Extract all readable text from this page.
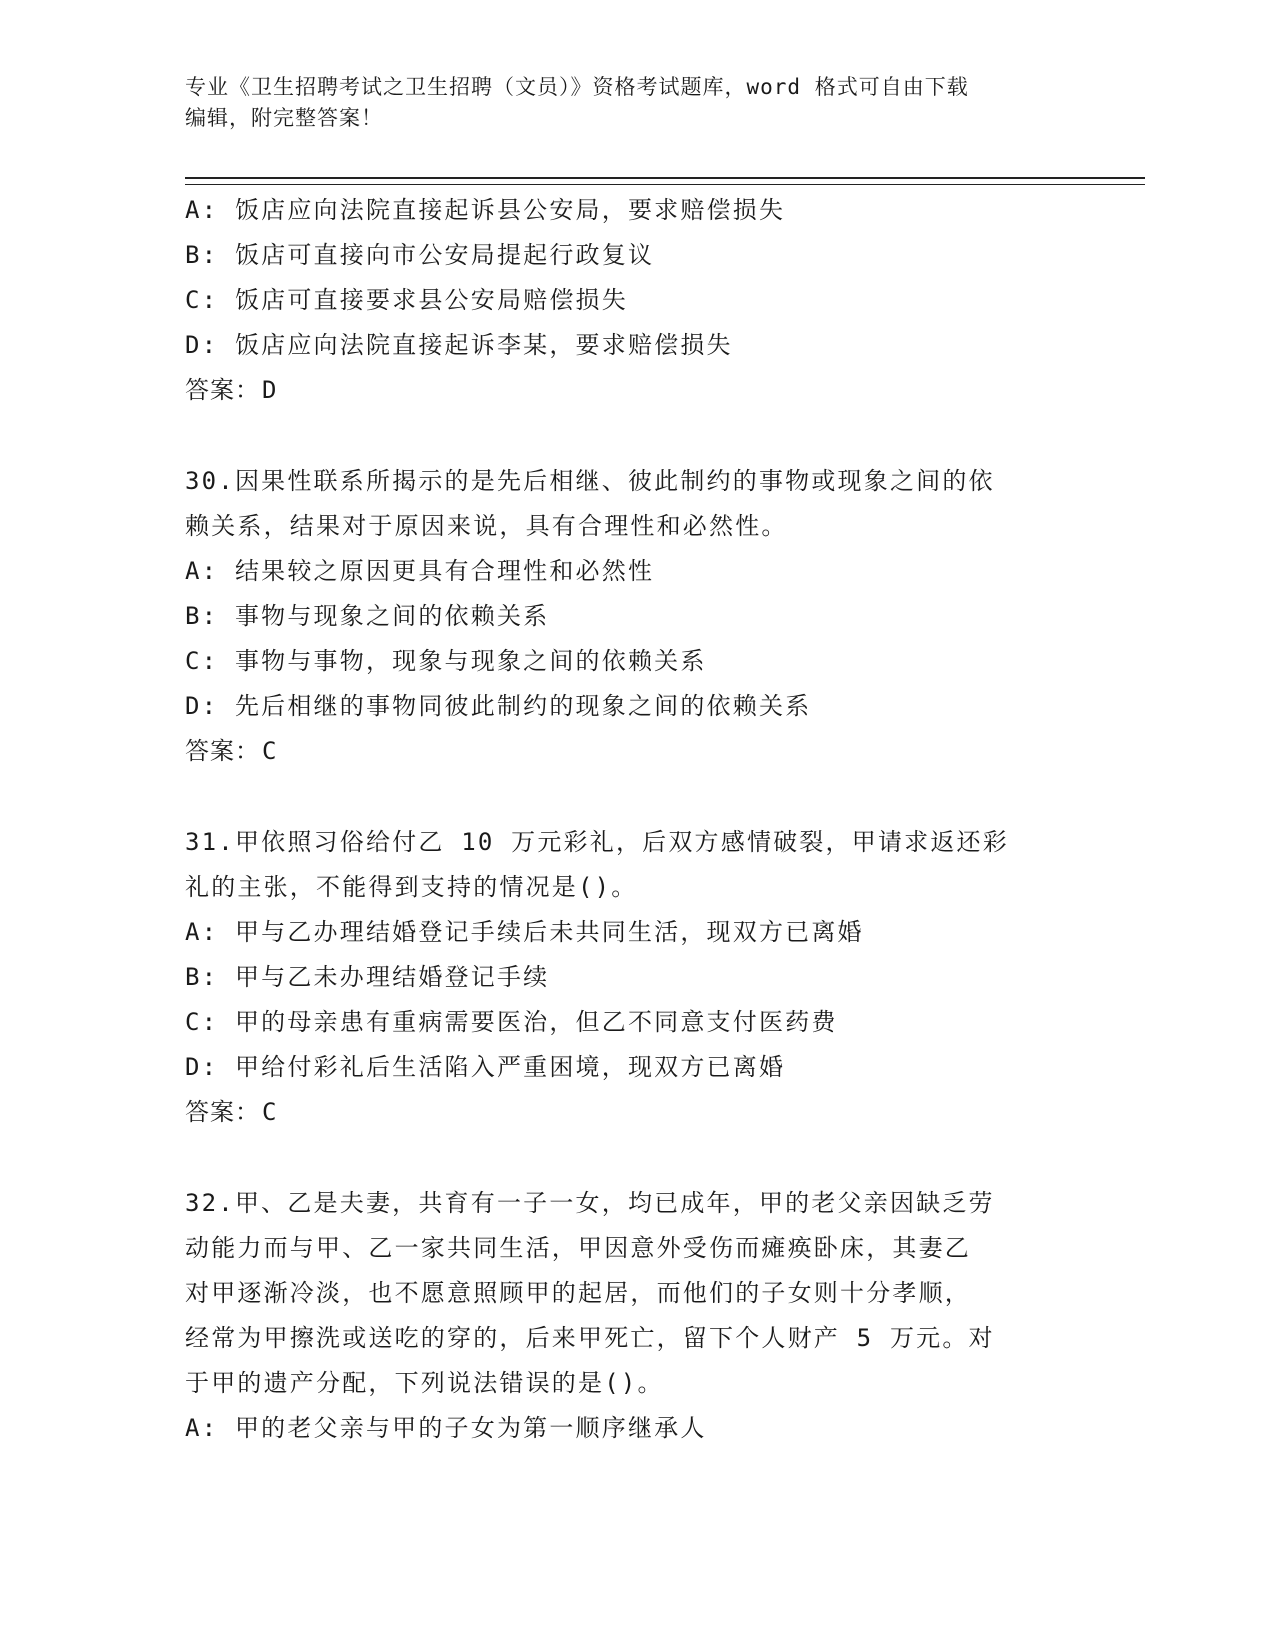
专业《卫生招聘考试之卫生招聘（文员）》资格考试题库，word 格式可自由下载
编辑，附完整答案！
A: 饭店应向法院直接起诉县公安局，要求赔偿损失
B: 饭店可直接向市公安局提起行政复议
C: 饭店可直接要求县公安局赔偿损失
D: 饭店应向法院直接起诉李某，要求赔偿损失
答案：D
30.因果性联系所揭示的是先后相继、彼此制约的事物或现象之间的依
赖关系，结果对于原因来说，具有合理性和必然性。
A: 结果较之原因更具有合理性和必然性
B: 事物与现象之间的依赖关系
C: 事物与事物，现象与现象之间的依赖关系
D: 先后相继的事物同彼此制约的现象之间的依赖关系
答案：C
31.甲依照习俗给付乙 10 万元彩礼，后双方感情破裂，甲请求返还彩
礼的主张，不能得到支持的情况是()。
A: 甲与乙办理结婚登记手续后未共同生活，现双方已离婚
B: 甲与乙未办理结婚登记手续
C: 甲的母亲患有重病需要医治，但乙不同意支付医药费
D: 甲给付彩礼后生活陷入严重困境，现双方已离婚
答案：C
32.甲、乙是夫妻，共育有一子一女，均已成年，甲的老父亲因缺乏劳
动能力而与甲、乙一家共同生活，甲因意外受伤而瘫痪卧床，其妻乙
对甲逐渐冷淡，也不愿意照顾甲的起居，而他们的子女则十分孝顺，
经常为甲擦洗或送吃的穿的，后来甲死亡，留下个人财产 5 万元。对
于甲的遗产分配，下列说法错误的是()。
A: 甲的老父亲与甲的子女为第一顺序继承人
